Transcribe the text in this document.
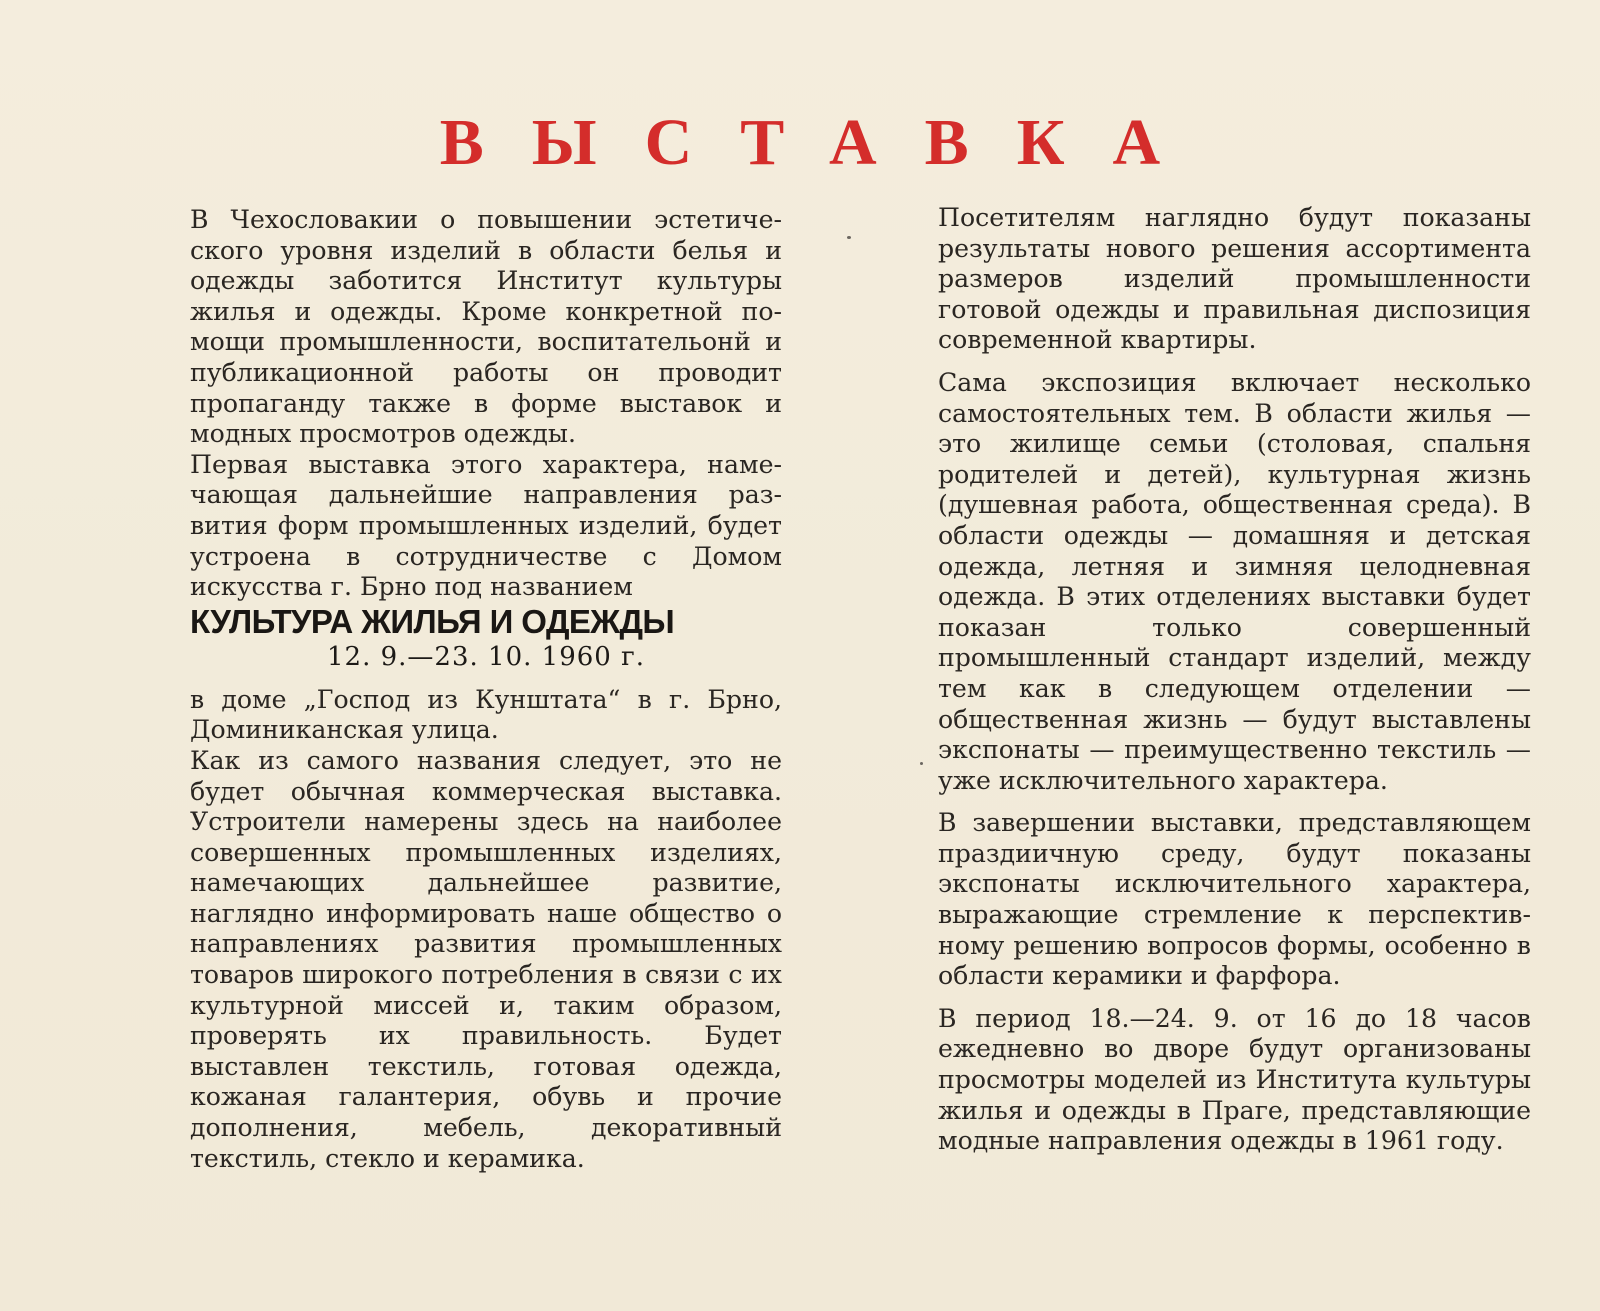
ВЫСТАВКА

В Чехословакии о повышении эстетического уровня изделий в области белья и одежды заботится Институт культуры жилья и одежды. Кроме конкретной помощи промышленности, воспитательонй и публикационной работы он проводит пропаганду также в форме выставок и модных просмотров одежды.

Первая выставка этого характера, намечающая дальнейшие направления развития форм промышленных изделий, будет устроена в сотрудничестве с Домом искусства г. Брно под названием

КУЛЬТУРА ЖИЛЬЯ И ОДЕЖДЫ

12. 9.—23. 10. 1960 г.

в доме „Господ из Кунштата“ в г. Брно, Доминиканская улица.

Как из самого названия следует, это не будет обычная коммерческая выставка. Устроители намерены здесь на наиболее совершенных промышленных изделиях, намечающих дальнейшее развитие, наглядно информировать наше общество о направлениях развития промышленных товаров широкого потребления в связи с их культурной миссей и, таким образом, проверять их правильность. Будет выставлен текстиль, готовая одежда, кожаная галантерия, обувь и прочие дополнения, мебель, декоративный текстиль, стекло и керамика.

Посетителям наглядно будут показаны результаты нового решения ассортимента размеров изделий промышленности готовой одежды и правильная диспозиция современной квартиры.

Сама экспозиция включает несколько самостоятельных тем. В области жилья — это жилище семьи (столовая, спальня родителей и детей), культурная жизнь (душевная работа, общественная среда). В области одежды — домашняя и детская одежда, летняя и зимняя целодневная одежда. В этих отделениях выставки будет показан только совершенный промышленный стандарт изделий, между тем как в следующем отделении — общественная жизнь — будут выставлены экспонаты — преимущественно текстиль — уже исключительного характера.

В завершении выставки, представляющем праздиичную среду, будут показаны экспонаты исключительного характера, выражающие стремление к перспективному решению вопросов формы, особенно в области керамики и фарфора.

В период 18.—24. 9. от 16 до 18 часов ежедневно во дворе будут организованы просмотры моделей из Института культуры жилья и одежды в Праге, представляющие модные направления одежды в 1961 году.
